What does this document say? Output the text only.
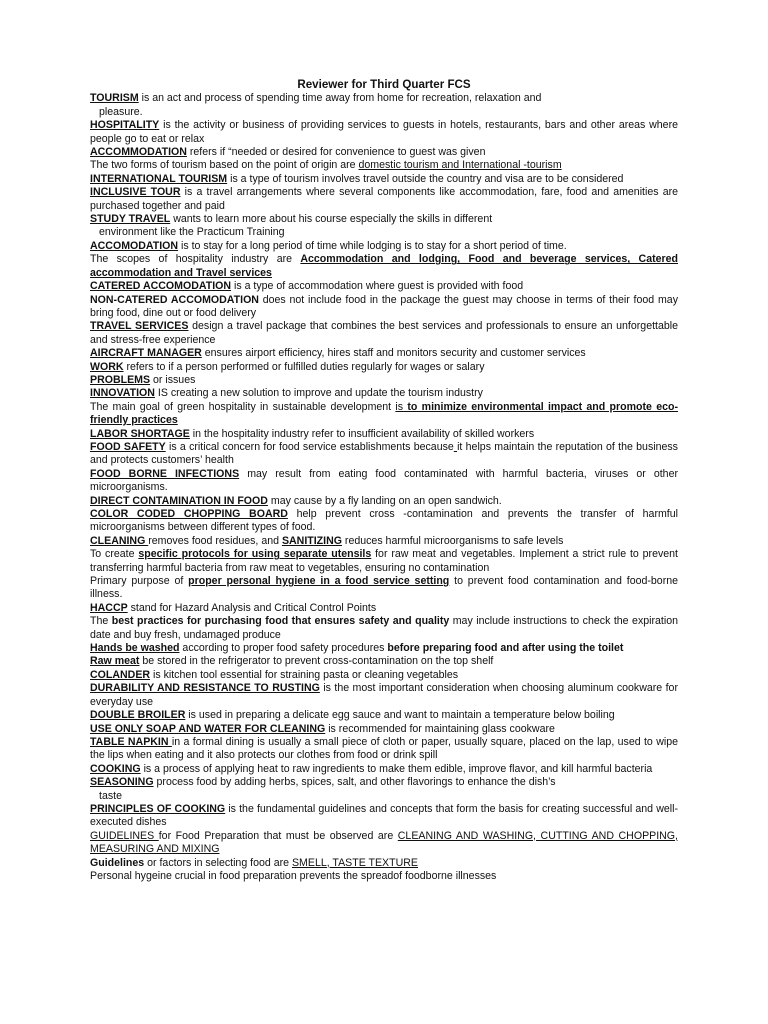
Reviewer for Third Quarter FCS

TOURISM is an act and process of spending time away from home for recreation, relaxation and

pleasure.

HOSPITALITY is the activity or business of providing services to guests in hotels, restaurants, bars and other areas where people go to eat or relax

ACCOMMODATION refers if “needed or desired for convenience to guest was given

The two forms of tourism based on the point of origin are domestic tourism and International -tourism

INTERNATIONAL TOURISM is a type of tourism involves travel outside the country and visa are to be considered

INCLUSIVE TOUR is a travel arrangements where several components like accommodation, fare, food and amenities are purchased together and paid

STUDY TRAVEL wants to learn more about his course especially the skills in different

environment like the Practicum Training

ACCOMODATION is to stay for a long period of time while lodging is to stay for a short period of time.

The scopes of hospitality industry are Accommodation and lodging, Food and beverage services, Catered accommodation and Travel services

CATERED ACCOMODATION is a type of accommodation where guest is provided with food

NON-CATERED ACCOMODATION does not include food in the package the guest may choose in terms of their food may bring food, dine out or food delivery

TRAVEL SERVICES design a travel package that combines the best services and professionals to ensure an unforgettable and stress-free experience

AIRCRAFT MANAGER ensures airport efficiency, hires staff and monitors security and customer services

WORK refers to if a person performed or fulfilled duties regularly for wages or salary

PROBLEMS or issues

INNOVATION IS creating a new solution to improve and update the tourism industry

The main goal of green hospitality in sustainable development is to minimize environmental impact and promote eco- friendly practices

LABOR SHORTAGE in the hospitality industry refer to insufficient availability of skilled workers

FOOD SAFETY is a critical concern for food service establishments because it helps maintain the reputation of the business and protects customers’ health

FOOD BORNE INFECTIONS may result from eating food contaminated with harmful bacteria, viruses or other microorganisms.

DIRECT CONTAMINATION IN FOOD may cause by a fly landing on an open sandwich.

COLOR CODED CHOPPING BOARD help prevent cross -contamination and prevents the transfer of harmful microorganisms between different types of food.

CLEANING removes food residues, and SANITIZING reduces harmful microorganisms to safe levels

To create specific protocols for using separate utensils for raw meat and vegetables. Implement a strict rule to prevent transferring harmful bacteria from raw meat to vegetables, ensuring no contamination

Primary purpose of proper personal hygiene in a food service setting to prevent food contamination and food-borne illness.

HACCP stand for Hazard Analysis and Critical Control Points

The best practices for purchasing food that ensures safety and quality may include instructions to check the expiration date and buy fresh, undamaged produce

Hands be washed according to proper food safety procedures before preparing food and after using the toilet

Raw meat be stored in the refrigerator to prevent cross-contamination on the top shelf

COLANDER is kitchen tool essential for straining pasta or cleaning vegetables

DURABILITY AND RESISTANCE TO RUSTING is the most important consideration when choosing aluminum cookware for everyday use

DOUBLE BROILER is used in preparing a delicate egg sauce and want to maintain a temperature below boiling

USE ONLY SOAP AND WATER FOR CLEANING is recommended for maintaining glass cookware

TABLE NAPKIN in a formal dining is usually a small piece of cloth or paper, usually square, placed on the lap, used to wipe the lips when eating and it also protects our clothes from food or drink spill

COOKING is a process of applying heat to raw ingredients to make them edible, improve flavor, and kill harmful bacteria

SEASONING process food by adding herbs, spices, salt, and other flavorings to enhance the dish’s

taste

PRINCIPLES OF COOKING is the fundamental guidelines and concepts that form the basis for creating successful and well-executed dishes

GUIDELINES for Food Preparation that must be observed are CLEANING AND WASHING, CUTTING AND CHOPPING, MEASURING AND MIXING

Guidelines or factors in selecting food are SMELL, TASTE TEXTURE

Personal hygeine crucial in food preparation prevents the spreadof foodborne illnesses
